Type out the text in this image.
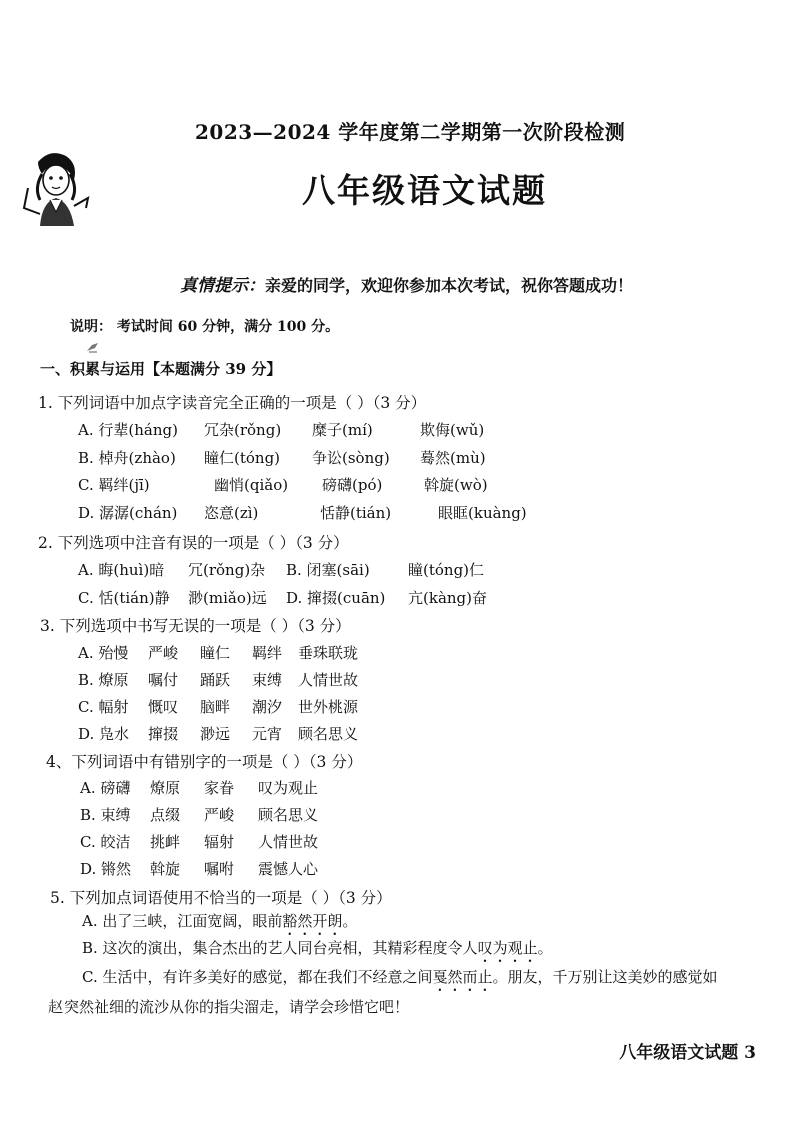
2023—2024 学年度第二学期第一次阶段检测
八年级语文试题
真情提示：亲爱的同学，欢迎你参加本次考试，祝你答题成功！
说明： 考试时间 60 分钟，满分 100 分。
一、积累与运用【本题满分 39 分】
1. 下列词语中加点字读音完全正确的一项是（ ）（3 分）
A. 行辈(háng) 冗杂(rǒng) 糜子(mí)	欺侮(wǔ)
B. 棹舟(zhào) 瞳仁(tóng) 争讼(sòng) 蓦然(mù)
C. 羁绊(jī)	幽悄(qiǎo) 磅礴(pó)	斡旋(wò)
D. 潺潺(chán) 恣意(zì)	恬静(tián)	眼眶(kuàng)
2. 下列选项中注音有误的一项是（ ）（3 分）
A. 晦(huì)暗 冗(rǒng)杂 B. 闭塞(sāi)	瞳(tóng)仁
C. 恬(tián)静 渺(miǎo)远 D. 撺掇(cuān) 亢(kàng)奋
3. 下列选项中书写无误的一项是（ ）（3 分）
A. 殆慢 严峻 瞳仁 羁绊 垂珠联珑
B. 燎原 嘱付 踊跃 束缚 人情世故
C. 幅射 慨叹 脑畔 潮汐 世外桃源
D. 凫水 撺掇 渺远 元宵 顾名思义
4、下列词语中有错别字的一项是（ ）（3 分）
A. 磅礴 燎原 家眷 叹为观止
B. 束缚 点缀 严峻 顾名思义
C. 皎洁 挑衅 辐射 人情世故
D. 锵然 斡旋 嘱咐 震憾人心
5. 下列加点词语使用不恰当的一项是（ ）（3 分）
A. 出了三峡，江面宽阔，眼前豁然开朗。
B. 这次的演出，集合杰出的艺人同台亮相，其精彩程度令人叹为观止。
C. 生活中，有许多美好的感觉，都在我们不经意之间戛然而止。朋友，千万别让这美妙的感觉如
赵 突然祉细的流沙从你的指尖溜走，请学会珍惜它吧！
八年级语文试题 3
